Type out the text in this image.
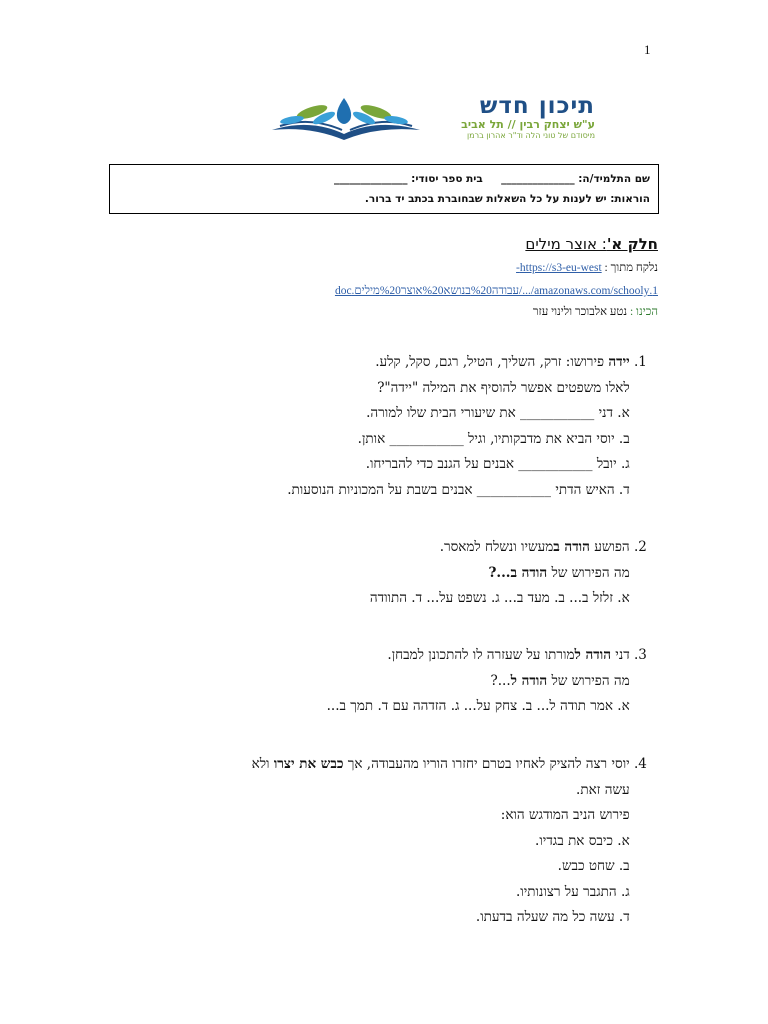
1
תיכון חדש
ע"ש יצחק רבין // תל אביב
מיסודם של טוני הלה וד"ר אהרון ברמן
שם התלמיד/ה: ______________     בית ספר יסודי: ______________
הוראות: יש לענות על כל השאלות שבחוברת בכתב יד ברור.
חלק א': אוצר מילים
נלקח מתוך : https://s3-eu-west-
1.amazonaws.com/schooly/.../עבודה%20בנושא%20אוצר%20מילים.doc
הכינו : נטע אלבוכר ולינוי עזר
1. יידה פירושו: זרק, השליך, הטיל, רגם, סקל, קלע.
לאלו משפטים אפשר להוסיף את המילה "יידה"?
א. דני ___________ את שיעורי הבית שלו למורה.
ב. יוסי הביא את מדבקותיו, וגיל ___________ אותן.
ג. יובל ___________ אבנים על הגנב כדי להבריחו.
ד. האיש הדתי ___________ אבנים בשבת על המכוניות הנוסעות.
2. הפושע הודה במעשיו ונשלח למאסר.
מה הפירוש של הודה ב...?
א. זלזל ב... ב. מעד ב... ג. נשפט על... ד. התוודה
3. דני הודה למורתו על שעזרה לו להתכונן למבחן.
מה הפירוש של הודה ל...?
א. אמר תודה ל... ב. צחק על... ג. הזדהה עם ד. תמך ב...
4. יוסי רצה להציק לאחיו בטרם יחזרו הוריו מהעבודה, אך כבש את יצרו ולא
עשה זאת.
פירוש הניב המודגש הוא:
א. כיבס את בגדיו.
ב. שחט כבש.
ג. התגבר על רצונותיו.
ד. עשה כל מה שעלה בדעתו.
